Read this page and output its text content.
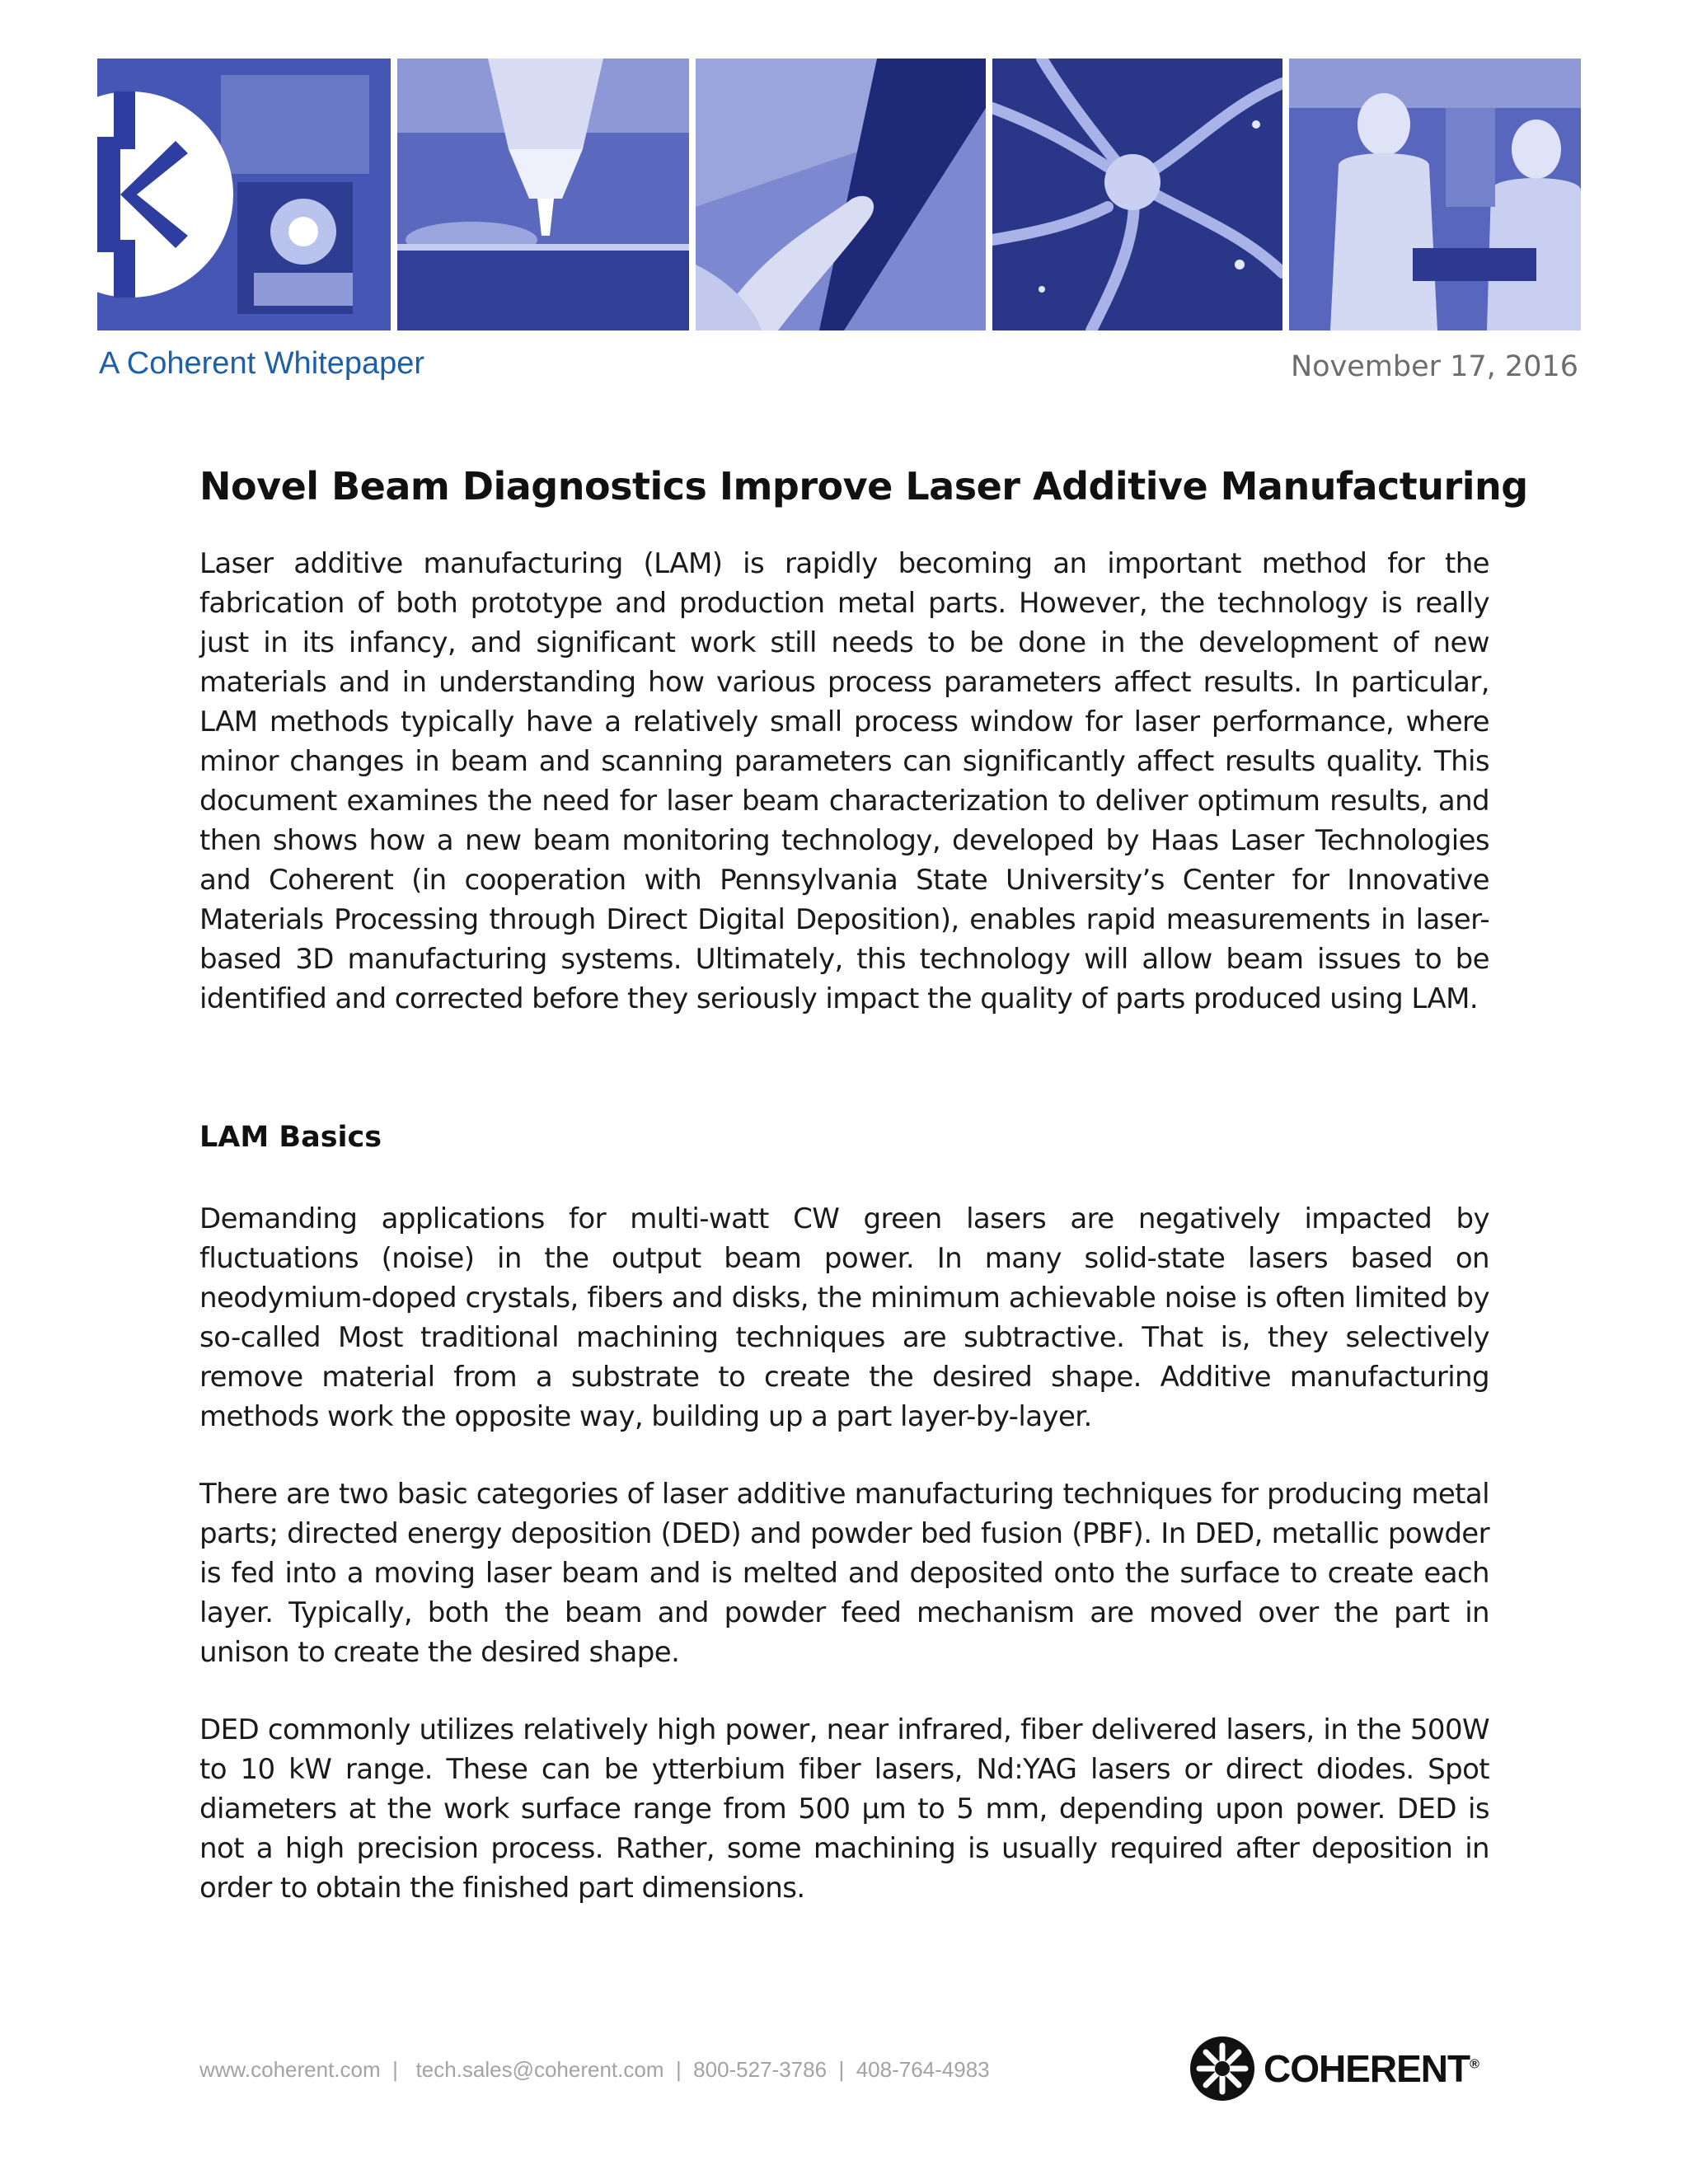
A Coherent Whitepaper	November 17, 2016
Novel Beam Diagnostics Improve Laser Additive Manufacturing
Laser additive manufacturing (LAM) is rapidly becoming an important method for the fabrication of both prototype and production metal parts. However, the technology is really just in its infancy, and significant work still needs to be done in the development of new materials and in understanding how various process parameters affect results. In particular, LAM methods typically have a relatively small process window for laser performance, where minor changes in beam and scanning parameters can significantly affect results quality. This document examines the need for laser beam characterization to deliver optimum results, and then shows how a new beam monitoring technology, developed by Haas Laser Technologies and Coherent (in cooperation with Pennsylvania State University’s Center for Innovative Materials Processing through Direct Digital Deposition), enables rapid measurements in laser-based 3D manufacturing systems. Ultimately, this technology will allow beam issues to be identified and corrected before they seriously impact the quality of parts produced using LAM.
LAM Basics
Demanding applications for multi-watt CW green lasers are negatively impacted by fluctuations (noise) in the output beam power. In many solid-state lasers based on neodymium-doped crystals, fibers and disks, the minimum achievable noise is often limited by so-called Most traditional machining techniques are subtractive. That is, they selectively remove material from a substrate to create the desired shape. Additive manufacturing methods work the opposite way, building up a part layer-by-layer.
There are two basic categories of laser additive manufacturing techniques for producing metal parts; directed energy deposition (DED) and powder bed fusion (PBF). In DED, metallic powder is fed into a moving laser beam and is melted and deposited onto the surface to create each layer. Typically, both the beam and powder feed mechanism are moved over the part in unison to create the desired shape.
DED commonly utilizes relatively high power, near infrared, fiber delivered lasers, in the 500W to 10 kW range. These can be ytterbium fiber lasers, Nd:YAG lasers or direct diodes. Spot diameters at the work surface range from 500 µm to 5 mm, depending upon power. DED is not a high precision process. Rather, some machining is usually required after deposition in order to obtain the finished part dimensions.
www.coherent.com  |   tech.sales@coherent.com  |  800-527-3786  |  408-764-4983	COHERENT®
